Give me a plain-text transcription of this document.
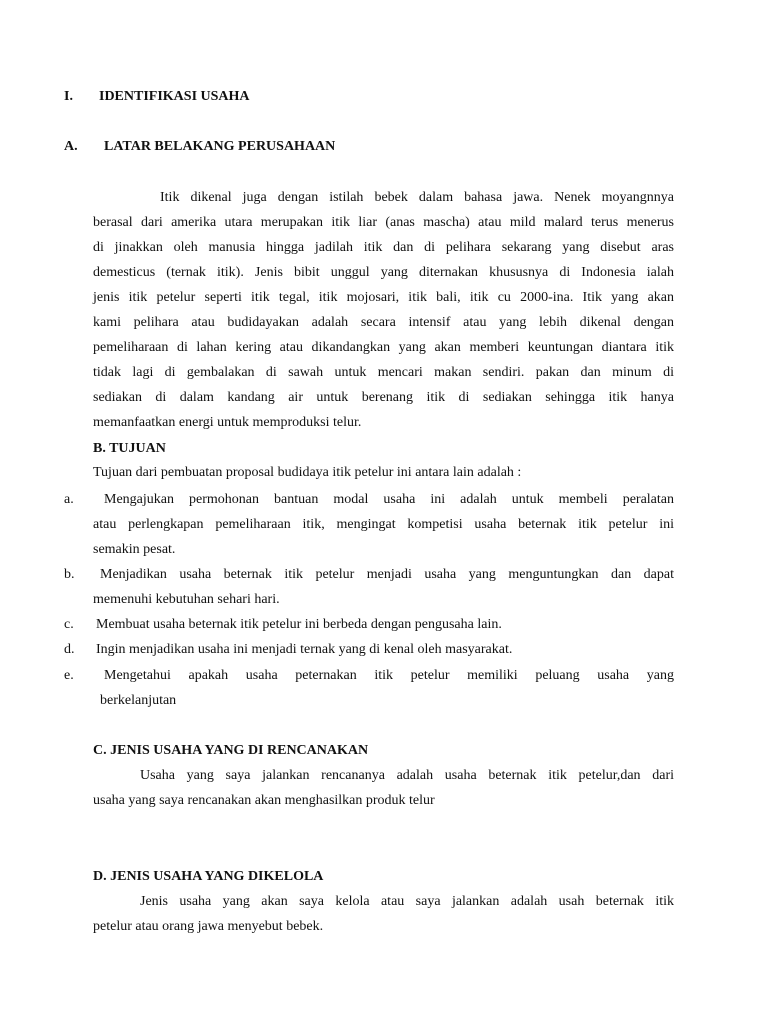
I. IDENTIFIKASI USAHA
A. LATAR BELAKANG PERUSAHAAN
Itik dikenal juga dengan istilah bebek dalam bahasa jawa. Nenek moyangnnya
berasal dari amerika utara merupakan itik liar (anas mascha) atau mild malard terus menerus
di jinakkan oleh manusia hingga jadilah itik dan di pelihara sekarang yang disebut aras
demesticus (ternak itik). Jenis bibit unggul yang diternakan khususnya di Indonesia ialah
jenis itik petelur seperti itik tegal, itik mojosari, itik bali, itik cu 2000-ina. Itik yang akan
kami pelihara atau budidayakan adalah secara intensif atau yang lebih dikenal dengan
pemeliharaan di lahan kering atau dikandangkan yang akan memberi keuntungan diantara itik
tidak lagi di gembalakan di sawah untuk mencari makan sendiri. pakan dan minum di
sediakan di dalam kandang air untuk berenang itik di sediakan sehingga itik hanya
memanfaatkan energi untuk memproduksi telur.
B. TUJUAN
Tujuan dari pembuatan proposal budidaya itik petelur ini antara lain adalah :
a. Mengajukan permohonan bantuan modal usaha ini adalah untuk membeli peralatan
atau perlengkapan pemeliharaan itik, mengingat kompetisi usaha beternak itik petelur ini
semakin pesat.
b. Menjadikan usaha beternak itik petelur menjadi usaha yang menguntungkan dan dapat
memenuhi kebutuhan sehari hari.
c. Membuat usaha beternak itik petelur ini berbeda dengan pengusaha lain.
d. Ingin menjadikan usaha ini menjadi ternak yang di kenal oleh masyarakat.
e. Mengetahui apakah usaha peternakan itik petelur memiliki peluang usaha yang
berkelanjutan
C. JENIS USAHA YANG DI RENCANAKAN
Usaha yang saya jalankan rencananya adalah usaha beternak itik petelur,dan dari
usaha yang saya rencanakan akan menghasilkan produk telur
D. JENIS USAHA YANG DIKELOLA
Jenis usaha yang akan saya kelola atau saya jalankan adalah usah beternak itik
petelur atau orang jawa menyebut bebek.
